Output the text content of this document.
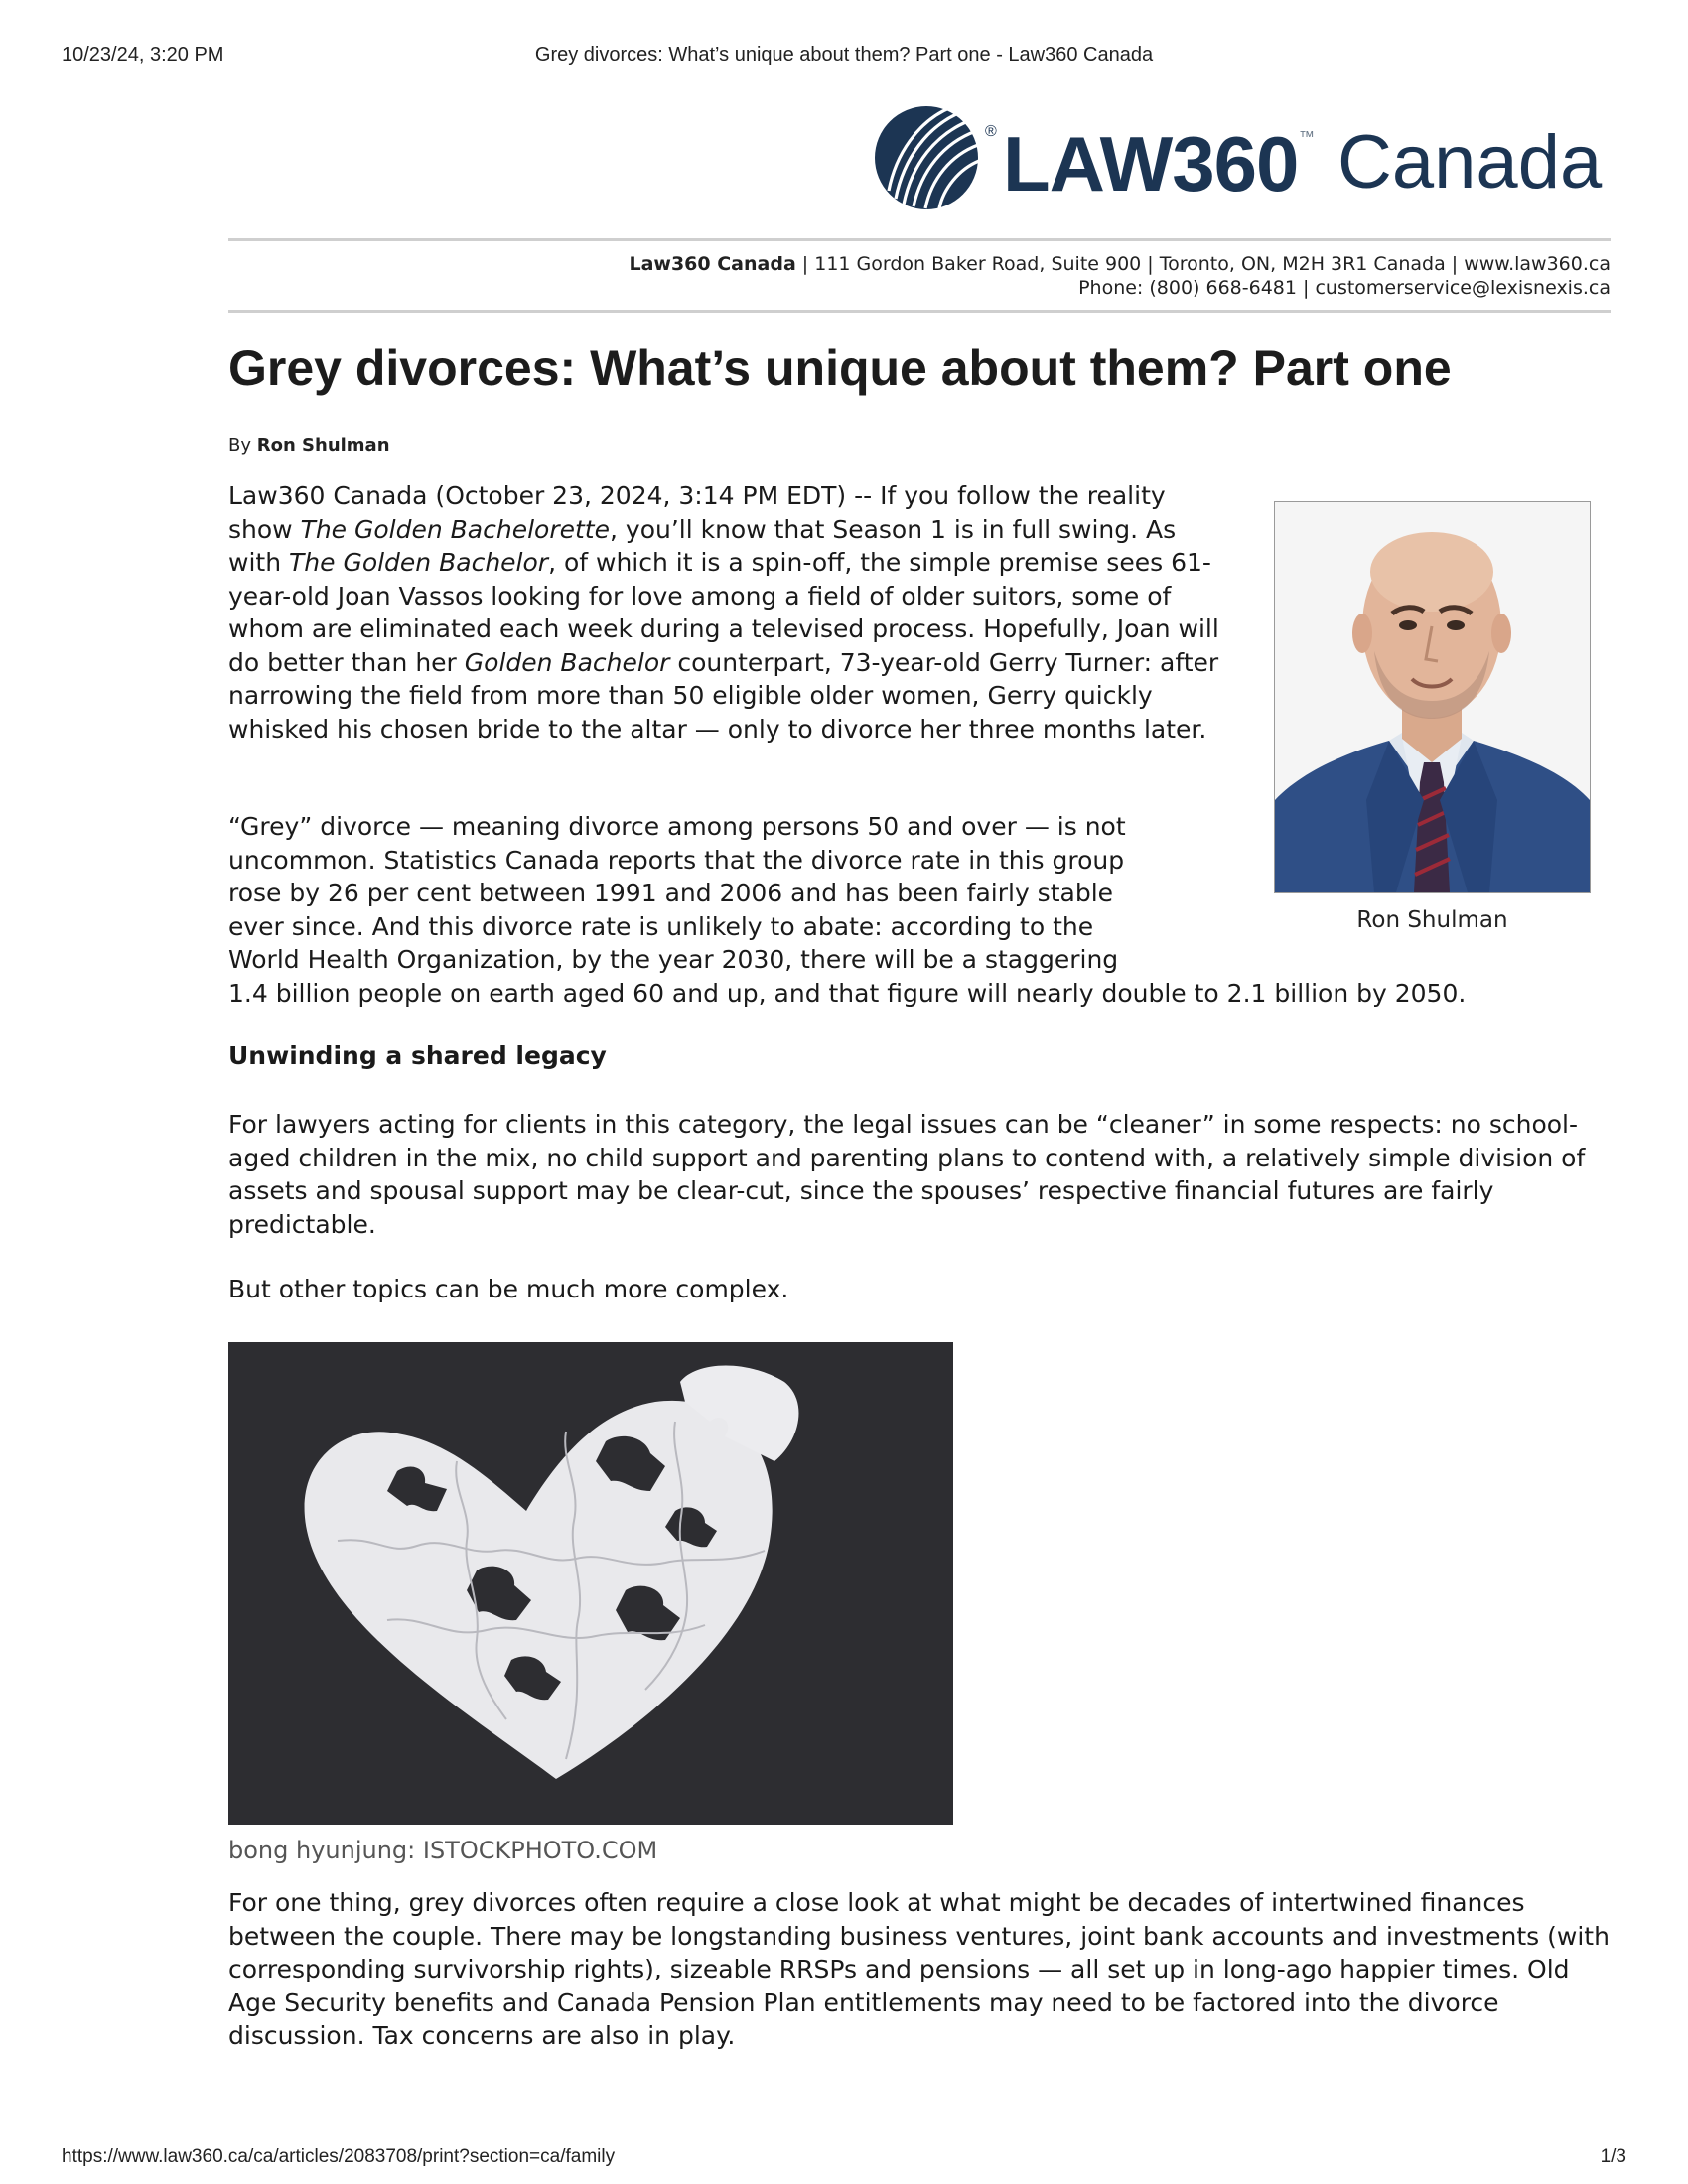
10/23/24, 3:20 PM	Grey divorces: What’s unique about them? Part one - Law360 Canada
LAW360
®	™ Canada
Law360 Canada | 111 Gordon Baker Road, Suite 900 | Toronto, ON, M2H 3R1 Canada | www.law360.ca
Phone: (800) 668-6481 | customerservice@lexisnexis.ca
Grey divorces: What’s unique about them? Part one
By Ron Shulman
Law360 Canada (October 23, 2024, 3:14 PM EDT) -- If you follow the reality show The Golden Bachelorette, you’ll know that Season 1 is in full swing. As with The Golden Bachelor, of which it is a spin-off, the simple premise sees 61-year-old Joan Vassos looking for love among a field of older suitors, some of whom are eliminated each week during a televised process. Hopefully, Joan will do better than her Golden Bachelor counterpart, 73-year-old Gerry Turner: after narrowing the field from more than 50 eligible older women, Gerry quickly whisked his chosen bride to the altar — only to divorce her three months later.
Ron Shulman
“Grey” divorce — meaning divorce among persons 50 and over — is not
uncommon. Statistics Canada reports that the divorce rate in this group
rose by 26 per cent between 1991 and 2006 and has been fairly stable
ever since. And this divorce rate is unlikely to abate: according to the
World Health Organization, by the year 2030, there will be a staggering
1.4 billion people on earth aged 60 and up, and that figure will nearly double to 2.1 billion by 2050.
Unwinding a shared legacy
For lawyers acting for clients in this category, the legal issues can be “cleaner” in some respects: no school-aged children in the mix, no child support and parenting plans to contend with, a relatively simple division of assets and spousal support may be clear-cut, since the spouses’ respective financial futures are fairly predictable.
But other topics can be much more complex.
bong hyunjung: ISTOCKPHOTO.COM
For one thing, grey divorces often require a close look at what might be decades of intertwined finances between the couple. There may be longstanding business ventures, joint bank accounts and investments (with corresponding survivorship rights), sizeable RRSPs and pensions — all set up in long-ago happier times. Old Age Security benefits and Canada Pension Plan entitlements may need to be factored into the divorce discussion. Tax concerns are also in play.
https://www.law360.ca/ca/articles/2083708/print?section=ca/family	1/3
